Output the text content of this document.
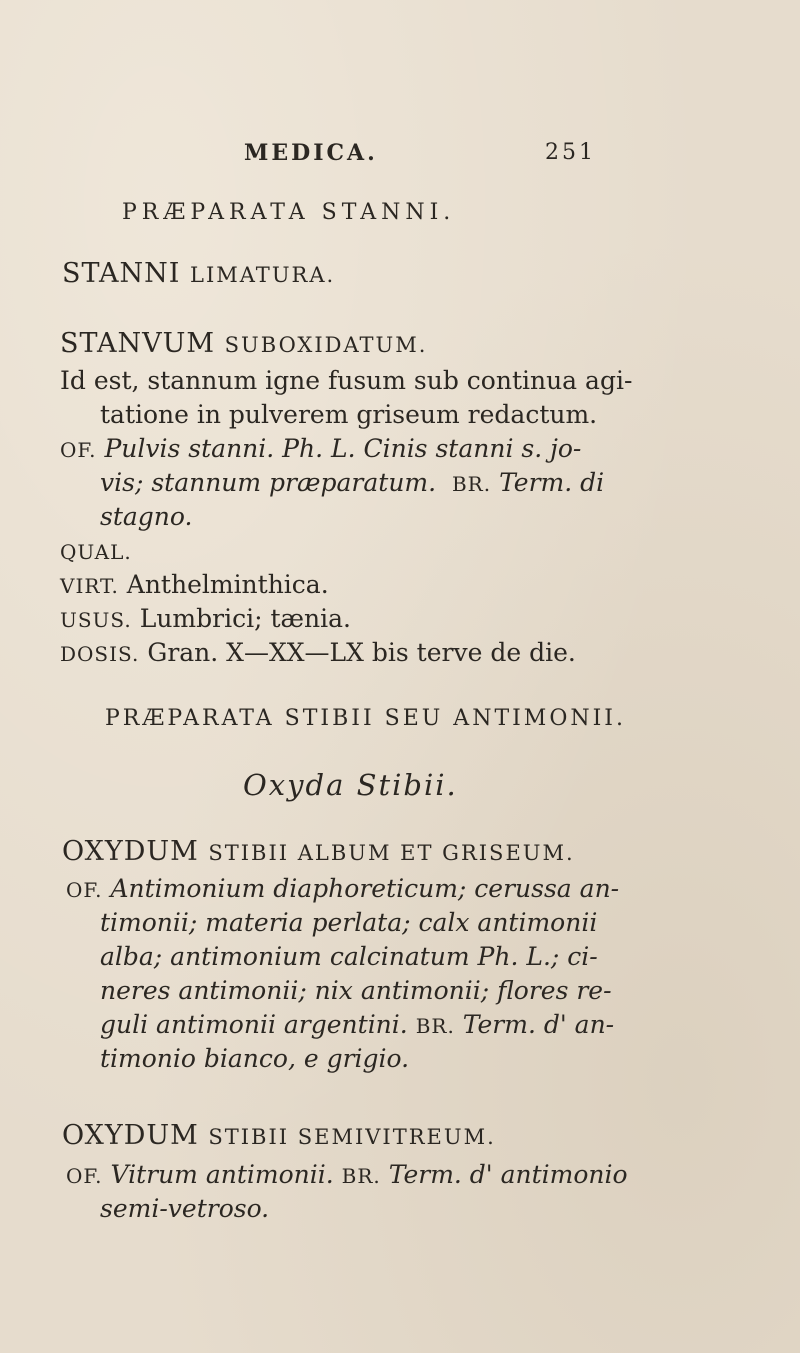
MEDICA.	251
PRÆPARATA STANNI.
STANNI LIMATURA.
STANVUM SUBOXIDATUM.
Id est, stannum igne fusum sub continua agi-
tatione in pulverem griseum redactum.
OF. Pulvis stanni. Ph. L. Cinis stanni s. jo-
vis; stannum præparatum. BR. Term. di
stagno.
QUAL.
VIRT. Anthelminthica.
USUS. Lumbrici; tænia.
DOSIS. Gran. X—XX—LX bis terve de die.
PRÆPARATA STIBII SEU ANTIMONII.
Oxyda Stibii.
OXYDUM STIBII ALBUM ET GRISEUM.
OF. Antimonium diaphoreticum; cerussa an-
timonii; materia perlata; calx antimonii
alba; antimonium calcinatum Ph. L.; ci-
neres antimonii; nix antimonii; flores re-
guli antimonii argentini. BR. Term. d' an-
timonio bianco, e grigio.
OXYDUM STIBII SEMIVITREUM.
OF. Vitrum antimonii. BR. Term. d' antimonio
semi-vetroso.
